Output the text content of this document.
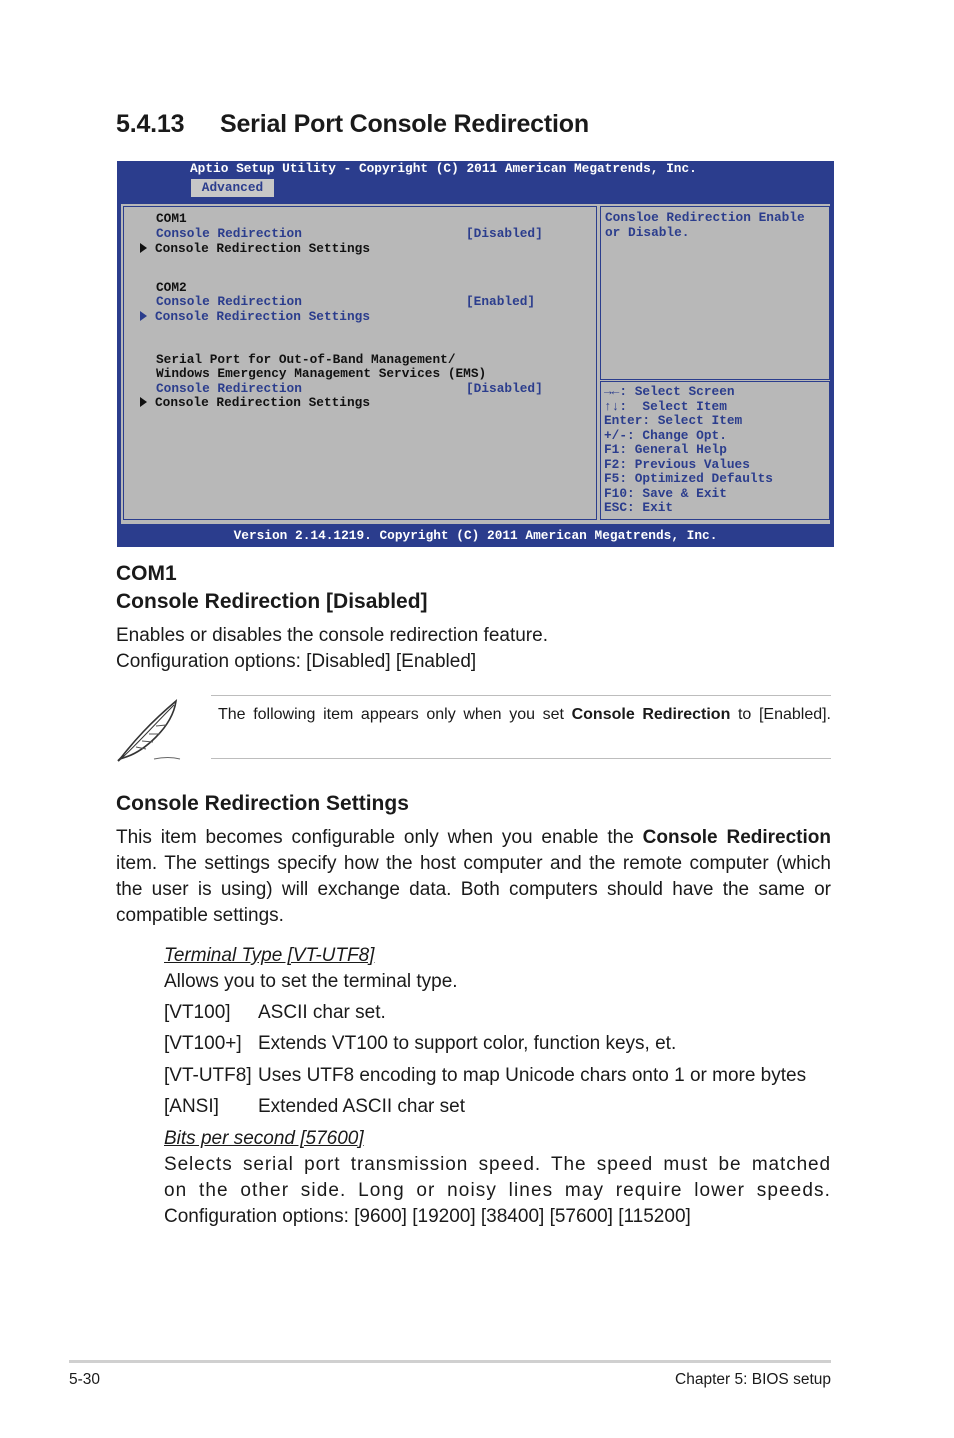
5.4.13 Serial Port Console Redirection
Aptio Setup Utility - Copyright (C) 2011 American Megatrends, Inc.
Advanced
COM1
Console Redirection	[Disabled]
Console Redirection Settings
COM2
Console Redirection	[Enabled]
Console Redirection Settings
Serial Port for Out-of-Band Management/
Windows Emergency Management Services (EMS)
Console Redirection	[Disabled]
Console Redirection Settings
Consloe Redirection Enable
or Disable.
→←: Select Screen
↑↓:  Select Item
Enter: Select Item
+/-: Change Opt.
F1: General Help
F2: Previous Values
F5: Optimized Defaults
F10: Save & Exit
ESC: Exit
Version 2.14.1219. Copyright (C) 2011 American Megatrends, Inc.
COM1
Console Redirection [Disabled]

Enables or disables the console redirection feature.

Configuration options: [Disabled] [Enabled]

The following item appears only when you set Console Redirection to [Enabled].

Console Redirection Settings

This item becomes configurable only when you enable the Console Redirection item. The settings specify how the host computer and the remote computer (which the user is using) will exchange data. Both computers should have the same or compatible settings.

Terminal Type [VT-UTF8]

Allows you to set the terminal type.

[VT100] ASCII char set.
[VT100+] Extends VT100 to support color, function keys, et.
[VT-UTF8] Uses UTF8 encoding to map Unicode chars onto 1 or more bytes
[ANSI] Extended ASCII char set

Bits per second [57600]

Selects serial port transmission speed. The speed must be matched

on the other side. Long or noisy lines may require lower speeds.

Configuration options: [9600] [19200] [38400] [57600] [115200]

5-30	Chapter 5: BIOS setup
